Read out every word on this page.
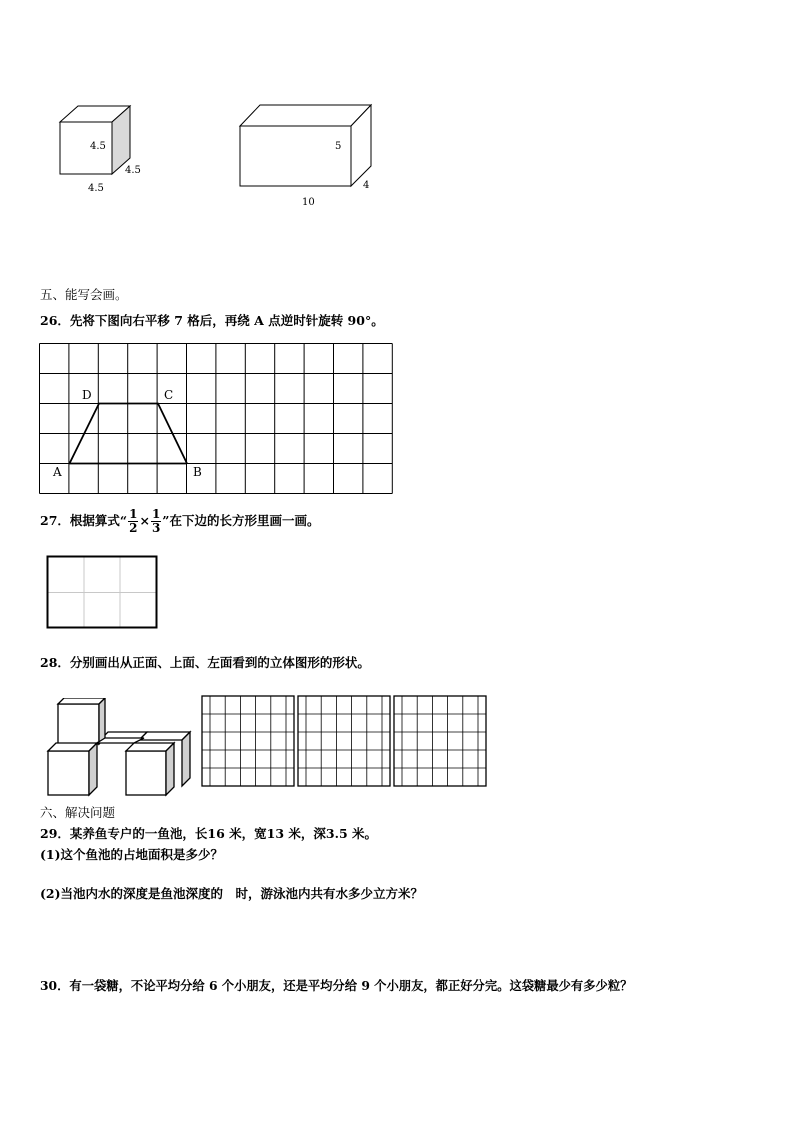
4.5
4.5
4.5
5
4
10
五、能写会画。
26．先将下图向右平移 7 格后，再绕 A 点逆时针旋转 90°。
D	C
A	B
27．根据算式“ $\frac{1}{2} \times \frac{1}{3}$ ”在下边的长方形里画一画。
28．分别画出从正面、上面、左面看到的立体图形的形状。
六、解决问题
29．某养鱼专户的一鱼池，长16 米，宽13 米，深3.5 米。
(1)这个鱼池的占地面积是多少？
(2)当池内水的深度是鱼池深度的　时，游泳池内共有水多少立方米？
30．有一袋糖，不论平均分给 6 个小朋友，还是平均分给 9 个小朋友，都正好分完。这袋糖最少有多少粒？
